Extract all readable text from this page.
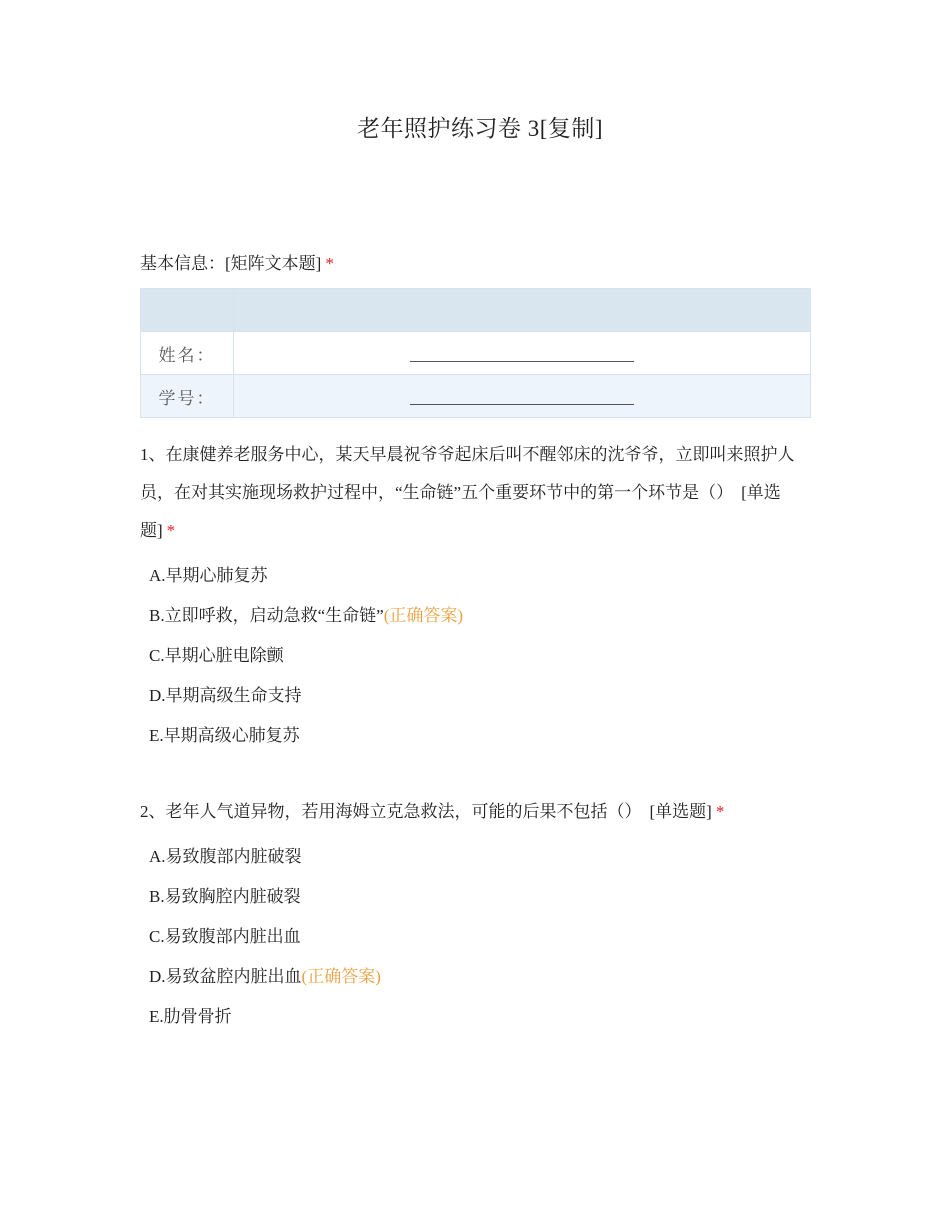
老年照护练习卷 3[复制]
基本信息：[矩阵文本题] *

姓名：	
学号：	
1、在康健养老服务中心，某天早晨祝爷爷起床后叫不醒邻床的沈爷爷，立即叫来照护人员，在对其实施现场救护过程中，“生命链”五个重要环节中的第一个环节是（） [单选题] *
A.早期心肺复苏
B.立即呼救，启动急救“生命链”(正确答案)
C.早期心脏电除颤
D.早期高级生命支持
E.早期高级心肺复苏
2、老年人气道异物，若用海姆立克急救法，可能的后果不包括（） [单选题] *
A.易致腹部内脏破裂
B.易致胸腔内脏破裂
C.易致腹部内脏出血
D.易致盆腔内脏出血(正确答案)
E.肋骨骨折
